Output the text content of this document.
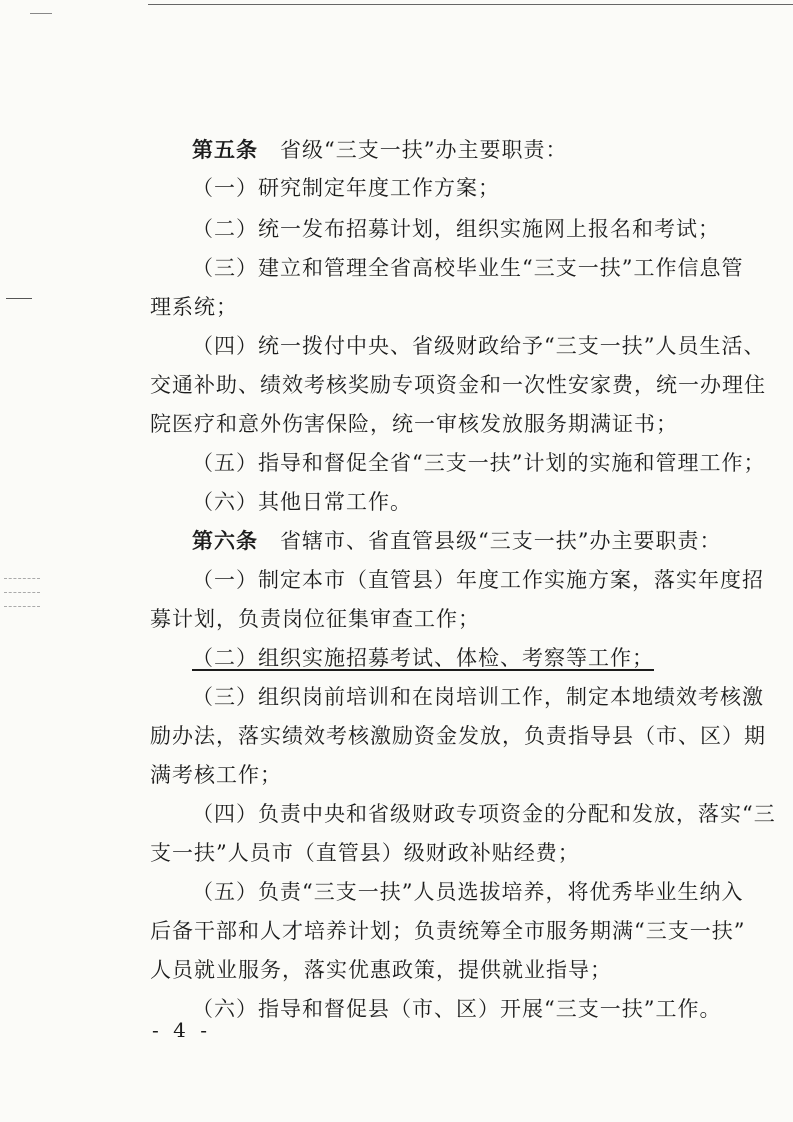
第五条　省级“三支一扶”办主要职责：
（一）研究制定年度工作方案；
（二）统一发布招募计划，组织实施网上报名和考试；
（三）建立和管理全省高校毕业生“三支一扶”工作信息管
理系统；
（四）统一拨付中央、省级财政给予“三支一扶”人员生活、
交通补助、绩效考核奖励专项资金和一次性安家费，统一办理住
院医疗和意外伤害保险，统一审核发放服务期满证书；
（五）指导和督促全省“三支一扶”计划的实施和管理工作；
（六）其他日常工作。
第六条　省辖市、省直管县级“三支一扶”办主要职责：
（一）制定本市（直管县）年度工作实施方案，落实年度招
募计划，负责岗位征集审查工作；
（二）组织实施招募考试、体检、考察等工作；
（三）组织岗前培训和在岗培训工作，制定本地绩效考核激
励办法，落实绩效考核激励资金发放，负责指导县（市、区）期
满考核工作；
（四）负责中央和省级财政专项资金的分配和发放，落实“三
支一扶”人员市（直管县）级财政补贴经费；
（五）负责“三支一扶”人员选拔培养，将优秀毕业生纳入
后备干部和人才培养计划；负责统筹全市服务期满“三支一扶”
人员就业服务，落实优惠政策，提供就业指导；
（六）指导和督促县（市、区）开展“三支一扶”工作。
- 4 -
